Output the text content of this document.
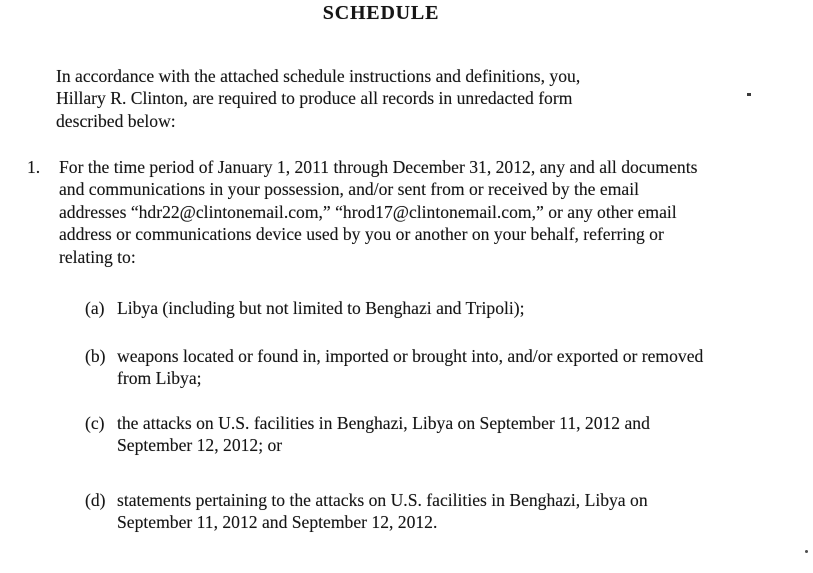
SCHEDULE
In accordance with the attached schedule instructions and definitions, you,
Hillary R. Clinton, are required to produce all records in unredacted form
described below:
1. For the time period of January 1, 2011 through December 31, 2012, any and all documents
and communications in your possession, and/or sent from or received by the email
addresses “hdr22@clintonemail.com,” “hrod17@clintonemail.com,” or any other email
address or communications device used by you or another on your behalf, referring or
relating to:
(a) Libya (including but not limited to Benghazi and Tripoli);
(b) weapons located or found in, imported or brought into, and/or exported or removed
from Libya;
(c) the attacks on U.S. facilities in Benghazi, Libya on September 11, 2012 and
September 12, 2012; or
(d) statements pertaining to the attacks on U.S. facilities in Benghazi, Libya on
September 11, 2012 and September 12, 2012.
